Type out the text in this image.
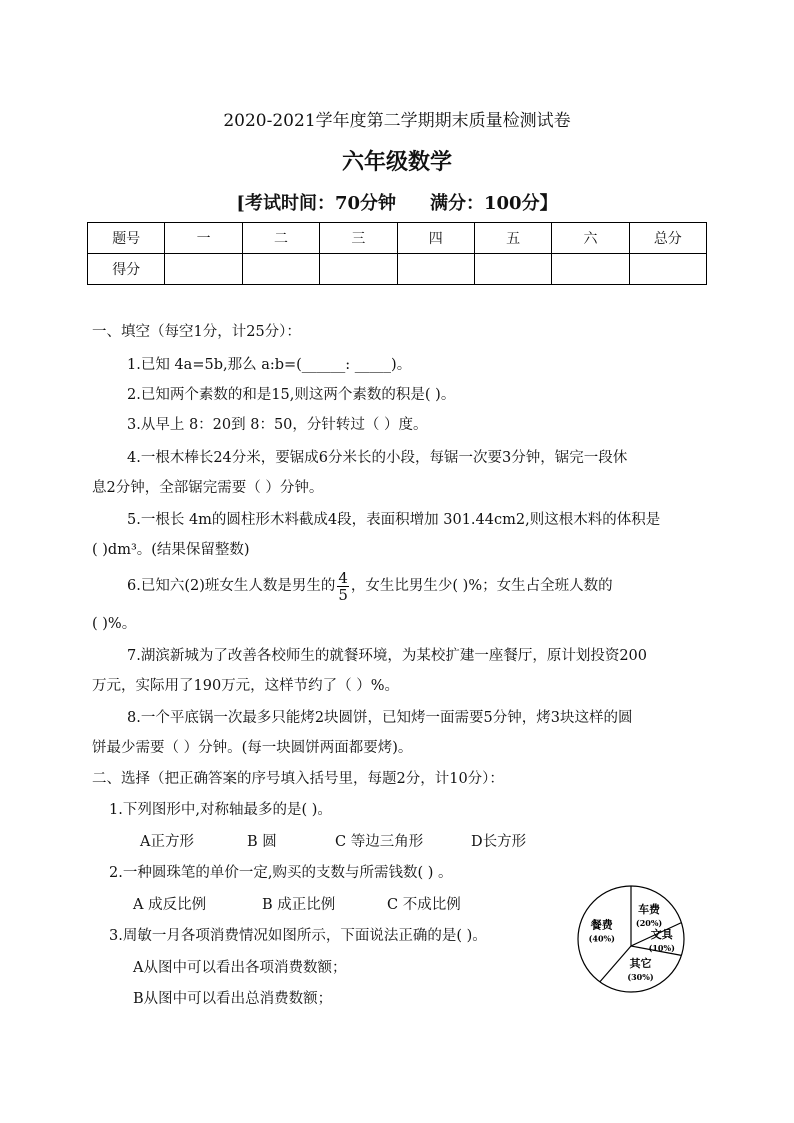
2020-2021学年度第二学期期末质量检测试卷
六年级数学
[考试时间：70分钟 满分：100分】
题号	一	二	三	四	五	六	总分
得分							
一、填空（每空1分，计25分）：
1.已知 4a=5b,那么 a:b=(______: _____)。
2.已知两个素数的和是15,则这两个素数的积是( )。
3.从早上 8：20到 8：50，分针转过（ ）度。
4.一根木棒长24分米，要锯成6分米长的小段，每锯一次要3分钟，锯完一段休
息2分钟，全部锯完需要（ ）分钟。
5.一根长 4m的圆柱形木料截成4段，表面积增加 301.44cm2,则这根木料的体积是
( )dm³。(结果保留整数)
6.已知六(2)班女生人数是男生的 $\frac{4}{5}$ ，女生比男生少( )%；女生占全班人数的
( )%。
7.湖滨新城为了改善各校师生的就餐环境，为某校扩建一座餐厅，原计划投资200
万元，实际用了190万元，这样节约了（ ）%。
8.一个平底锅一次最多只能烤2块圆饼，已知烤一面需要5分钟，烤3块这样的圆
饼最少需要（ ）分钟。(每一块圆饼两面都要烤)。
二、选择（把正确答案的序号填入括号里，每题2分，计10分）：
1.下列图形中,对称轴最多的是( )。
A正方形	B 圆	C 等边三角形	D长方形
2.一种圆珠笔的单价一定,购买的支数与所需钱数( ) 。
A 成反比例	B 成正比例	C 不成比例
3.周敏一月各项消费情况如图所示，下面说法正确的是( )。
A从图中可以看出各项消费数额；
B从图中可以看出总消费数额；
车费
(20%)
文具
(10%)
其它
(30%)
餐费
(40%)
